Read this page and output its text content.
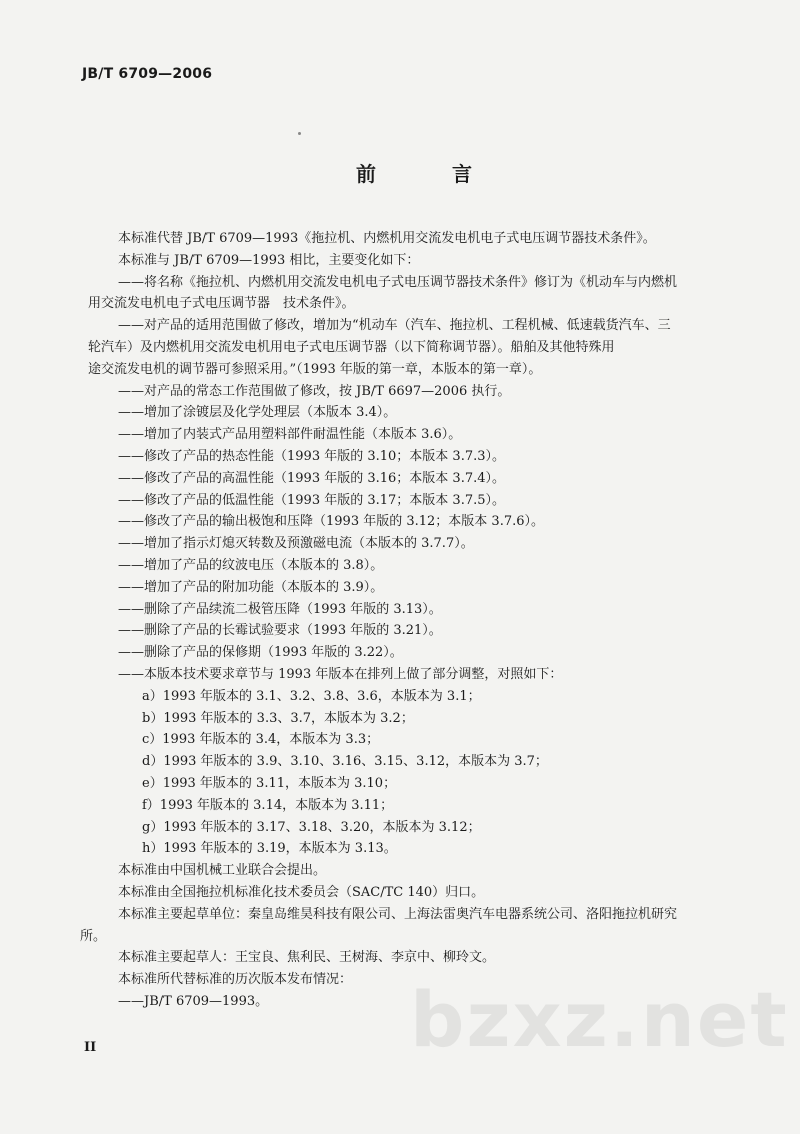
JB/T 6709—2006
前　言

本标准代替 JB/T 6709—1993《拖拉机、内燃机用交流发电机电子式电压调节器技术条件》。

本标准与 JB/T 6709—1993 相比，主要变化如下：

——将名称《拖拉机、内燃机用交流发电机电子式电压调节器技术条件》修订为《机动车与内燃机

用交流发电机电子式电压调节器　技术条件》。

——对产品的适用范围做了修改，增加为“机动车（汽车、拖拉机、工程机械、低速载货汽车、三

轮汽车）及内燃机用交流发电机用电子式电压调节器（以下简称调节器）。船舶及其他特殊用

途交流发电机的调节器可参照采用。”（1993 年版的第一章，本版本的第一章）。

——对产品的常态工作范围做了修改，按 JB/T 6697—2006 执行。

——增加了涂镀层及化学处理层（本版本 3.4）。

——增加了内装式产品用塑料部件耐温性能（本版本 3.6）。

——修改了产品的热态性能（1993 年版的 3.10；本版本 3.7.3）。

——修改了产品的高温性能（1993 年版的 3.16；本版本 3.7.4）。

——修改了产品的低温性能（1993 年版的 3.17；本版本 3.7.5）。

——修改了产品的输出极饱和压降（1993 年版的 3.12；本版本 3.7.6）。

——增加了指示灯熄灭转数及预激磁电流（本版本的 3.7.7）。

——增加了产品的纹波电压（本版本的 3.8）。

——增加了产品的附加功能（本版本的 3.9）。

——删除了产品续流二极管压降（1993 年版的 3.13）。

——删除了产品的长霉试验要求（1993 年版的 3.21）。

——删除了产品的保修期（1993 年版的 3.22）。

——本版本技术要求章节与 1993 年版本在排列上做了部分调整，对照如下：

a）1993 年版本的 3.1、3.2、3.8、3.6，本版本为 3.1；

b）1993 年版本的 3.3、3.7，本版本为 3.2；

c）1993 年版本的 3.4，本版本为 3.3；

d）1993 年版本的 3.9、3.10、3.16、3.15、3.12，本版本为 3.7；

e）1993 年版本的 3.11，本版本为 3.10；

f）1993 年版本的 3.14，本版本为 3.11；

g）1993 年版本的 3.17、3.18、3.20，本版本为 3.12；

h）1993 年版本的 3.19，本版本为 3.13。

本标准由中国机械工业联合会提出。

本标准由全国拖拉机标准化技术委员会（SAC/TC 140）归口。

本标准主要起草单位：秦皇岛维昊科技有限公司、上海法雷奥汽车电器系统公司、洛阳拖拉机研究

所。

本标准主要起草人：王宝良、焦利民、王树海、李京中、柳玲文。

本标准所代替标准的历次版本发布情况：

——JB/T 6709—1993。	bzxz.net
II
